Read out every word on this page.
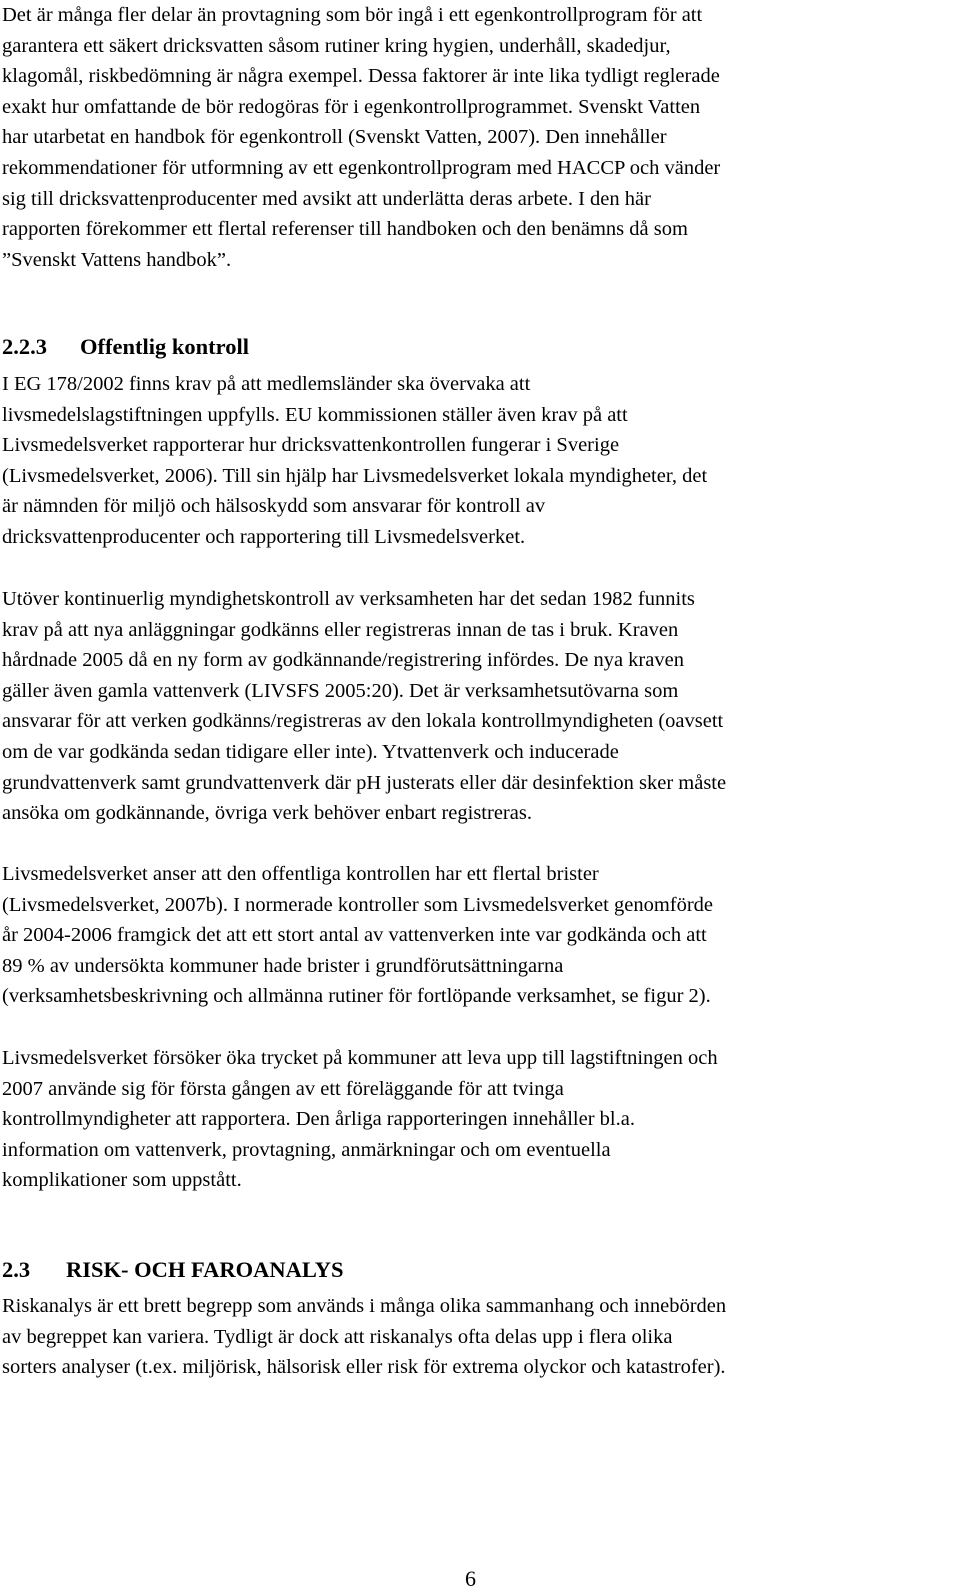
Det är många fler delar än provtagning som bör ingå i ett egenkontrollprogram för att
garantera ett säkert dricksvatten såsom rutiner kring hygien, underhåll, skadedjur,
klagomål, riskbedömning är några exempel. Dessa faktorer är inte lika tydligt reglerade
exakt hur omfattande de bör redogöras för i egenkontrollprogrammet. Svenskt Vatten
har utarbetat en handbok för egenkontroll (Svenskt Vatten, 2007). Den innehåller
rekommendationer för utformning av ett egenkontrollprogram med HACCP och vänder
sig till dricksvattenproducenter med avsikt att underlätta deras arbete. I den här
rapporten förekommer ett flertal referenser till handboken och den benämns då som
”Svenskt Vattens handbok”.

2.2.3 Offentlig kontroll

I EG 178/2002 finns krav på att medlemsländer ska övervaka att
livsmedelslagstiftningen uppfylls. EU kommissionen ställer även krav på att
Livsmedelsverket rapporterar hur dricksvattenkontrollen fungerar i Sverige
(Livsmedelsverket, 2006). Till sin hjälp har Livsmedelsverket lokala myndigheter, det
är nämnden för miljö och hälsoskydd som ansvarar för kontroll av
dricksvattenproducenter och rapportering till Livsmedelsverket.

Utöver kontinuerlig myndighetskontroll av verksamheten har det sedan 1982 funnits
krav på att nya anläggningar godkänns eller registreras innan de tas i bruk. Kraven
hårdnade 2005 då en ny form av godkännande/registrering infördes. De nya kraven
gäller även gamla vattenverk (LIVSFS 2005:20). Det är verksamhetsutövarna som
ansvarar för att verken godkänns/registreras av den lokala kontrollmyndigheten (oavsett
om de var godkända sedan tidigare eller inte). Ytvattenverk och inducerade
grundvattenverk samt grundvattenverk där pH justerats eller där desinfektion sker måste
ansöka om godkännande, övriga verk behöver enbart registreras.

Livsmedelsverket anser att den offentliga kontrollen har ett flertal brister
(Livsmedelsverket, 2007b). I normerade kontroller som Livsmedelsverket genomförde
år 2004-2006 framgick det att ett stort antal av vattenverken inte var godkända och att
89 % av undersökta kommuner hade brister i grundförutsättningarna
(verksamhetsbeskrivning och allmänna rutiner för fortlöpande verksamhet, se figur 2).

Livsmedelsverket försöker öka trycket på kommuner att leva upp till lagstiftningen och
2007 använde sig för första gången av ett föreläggande för att tvinga
kontrollmyndigheter att rapportera. Den årliga rapporteringen innehåller bl.a.
information om vattenverk, provtagning, anmärkningar och om eventuella
komplikationer som uppstått.

2.3 RISK- OCH FAROANALYS

Riskanalys är ett brett begrepp som används i många olika sammanhang och innebörden
av begreppet kan variera. Tydligt är dock att riskanalys ofta delas upp i flera olika
sorters analyser (t.ex. miljörisk, hälsorisk eller risk för extrema olyckor och katastrofer).

6
